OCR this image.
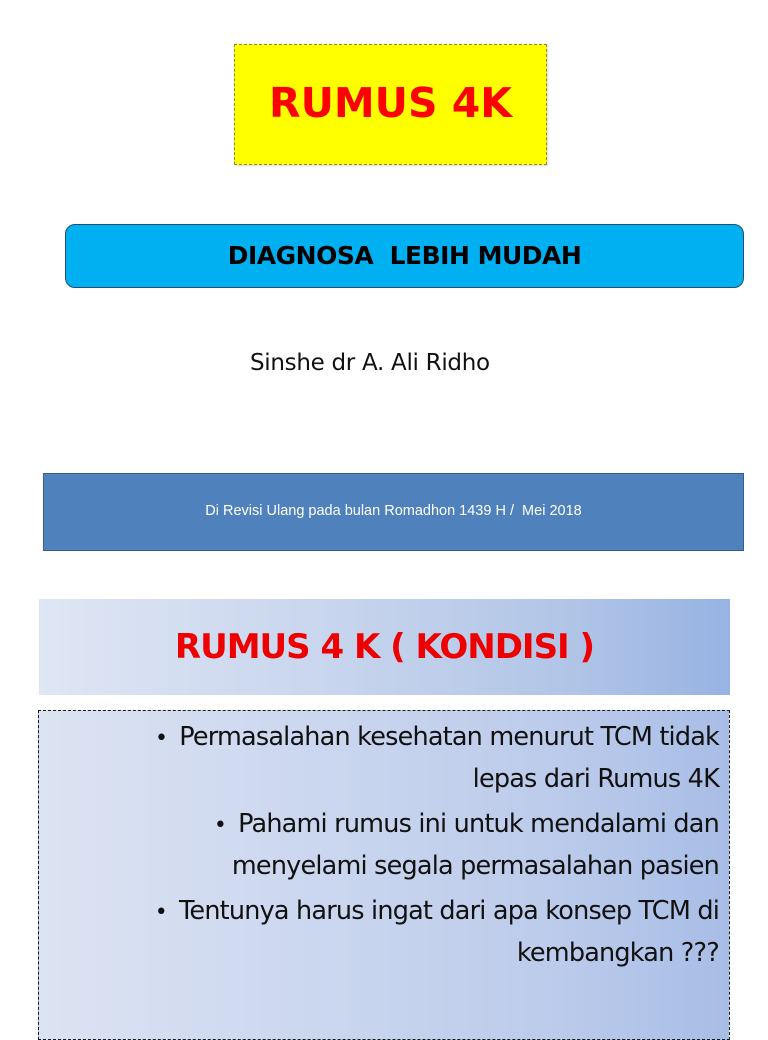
RUMUS 4K
DIAGNOSA  LEBIH MUDAH
Sinshe dr A. Ali Ridho
Di Revisi Ulang pada bulan Romadhon 1439 H /  Mei 2018
RUMUS 4 K ( KONDISI )
• Permasalahan kesehatan menurut TCM tidak
lepas dari Rumus 4K
• Pahami rumus ini untuk mendalami dan
menyelami segala permasalahan pasien
• Tentunya harus ingat dari apa konsep TCM di
kembangkan ???
